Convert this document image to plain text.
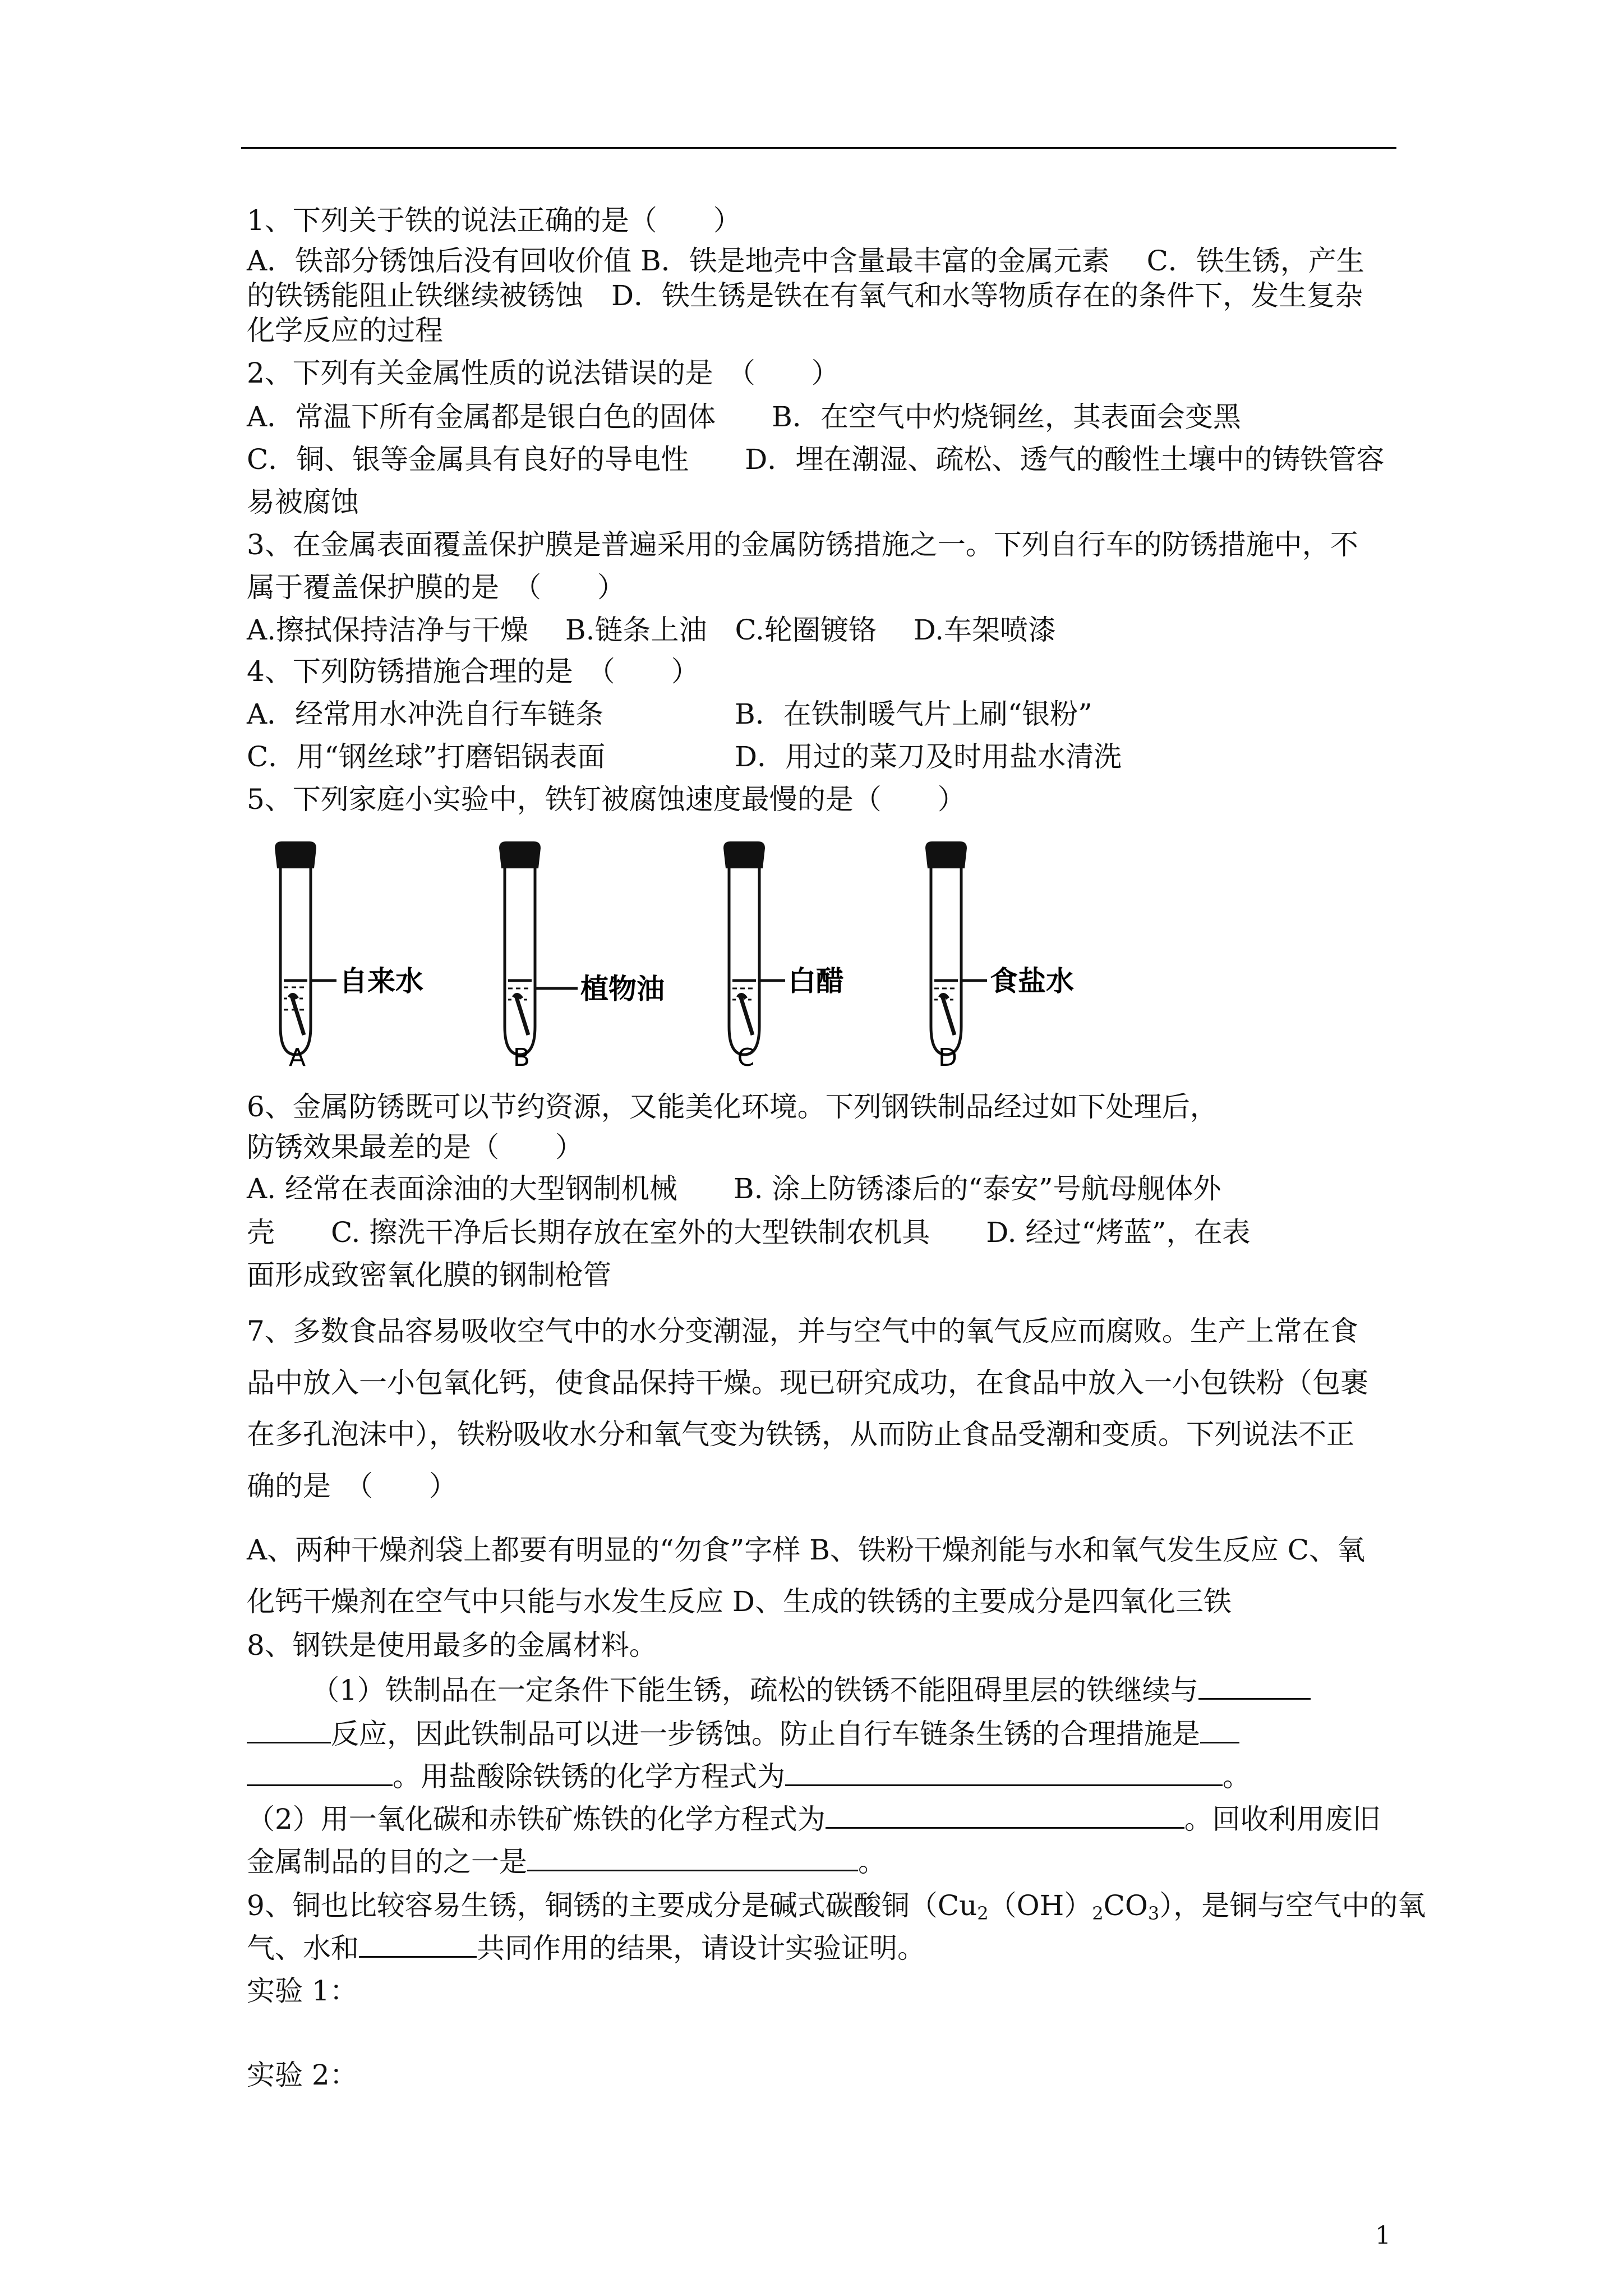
1、下列关于铁的说法正确的是（　　）
A．铁部分锈蚀后没有回收价值 B．铁是地壳中含量最丰富的金属元素　 C．铁生锈，产生
的铁锈能阻止铁继续被锈蚀　D．铁生锈是铁在有氧气和水等物质存在的条件下，发生复杂
化学反应的过程
2、下列有关金属性质的说法错误的是　（　　）
A．常温下所有金属都是银白色的固体　　B．在空气中灼烧铜丝，其表面会变黑
C．铜、银等金属具有良好的导电性　　D．埋在潮湿、疏松、透气的酸性土壤中的铸铁管容
易被腐蚀
3、在金属表面覆盖保护膜是普遍采用的金属防锈措施之一。下列自行车的防锈措施中，不
属于覆盖保护膜的是　（　　）
A.擦拭保持洁净与干燥　 B.链条上油　C.轮圈镀铬　 D.车架喷漆
4、下列防锈措施合理的是　（　　）
A．经常用水冲洗自行车链条	B．在铁制暖气片上刷“银粉”
C．用“钢丝球”打磨铝锅表面	D．用过的菜刀及时用盐水清洗
5、下列家庭小实验中，铁钉被腐蚀速度最慢的是（　　）
A
自来水
B
植物油
C
白醋
D
食盐水
6、金属防锈既可以节约资源，又能美化环境。下列钢铁制品经过如下处理后，
防锈效果最差的是（　　）
A. 经常在表面涂油的大型钢制机械　　B. 涂上防锈漆后的“泰安”号航母舰体外
壳　　C. 擦洗干净后长期存放在室外的大型铁制农机具　　D. 经过“烤蓝”，在表
面形成致密氧化膜的钢制枪管
7、多数食品容易吸收空气中的水分变潮湿，并与空气中的氧气反应而腐败。生产上常在食
品中放入一小包氧化钙，使食品保持干燥。现已研究成功，在食品中放入一小包铁粉（包裹
在多孔泡沫中），铁粉吸收水分和氧气变为铁锈，从而防止食品受潮和变质。下列说法不正
确的是　（　　）
A、两种干燥剂袋上都要有明显的“勿食”字样 B、铁粉干燥剂能与水和氧气发生反应 C、氧
化钙干燥剂在空气中只能与水发生反应 D、生成的铁锈的主要成分是四氧化三铁
8、钢铁是使用最多的金属材料。
（1）铁制品在一定条件下能生锈，疏松的铁锈不能阻碍里层的铁继续与
反应，因此铁制品可以进一步锈蚀。防止自行车链条生锈的合理措施是
。用盐酸除铁锈的化学方程式为	。
（2）用一氧化碳和赤铁矿炼铁的化学方程式为	。回收利用废旧
金属制品的目的之一是	。
9、铜也比较容易生锈，铜锈的主要成分是碱式碳酸铜$(Cu_2(OH)_2CO_3)$，是铜与空气中的氧
气、水和	共同作用的结果，请设计实验证明。
实验 1：
实验 2：
1
